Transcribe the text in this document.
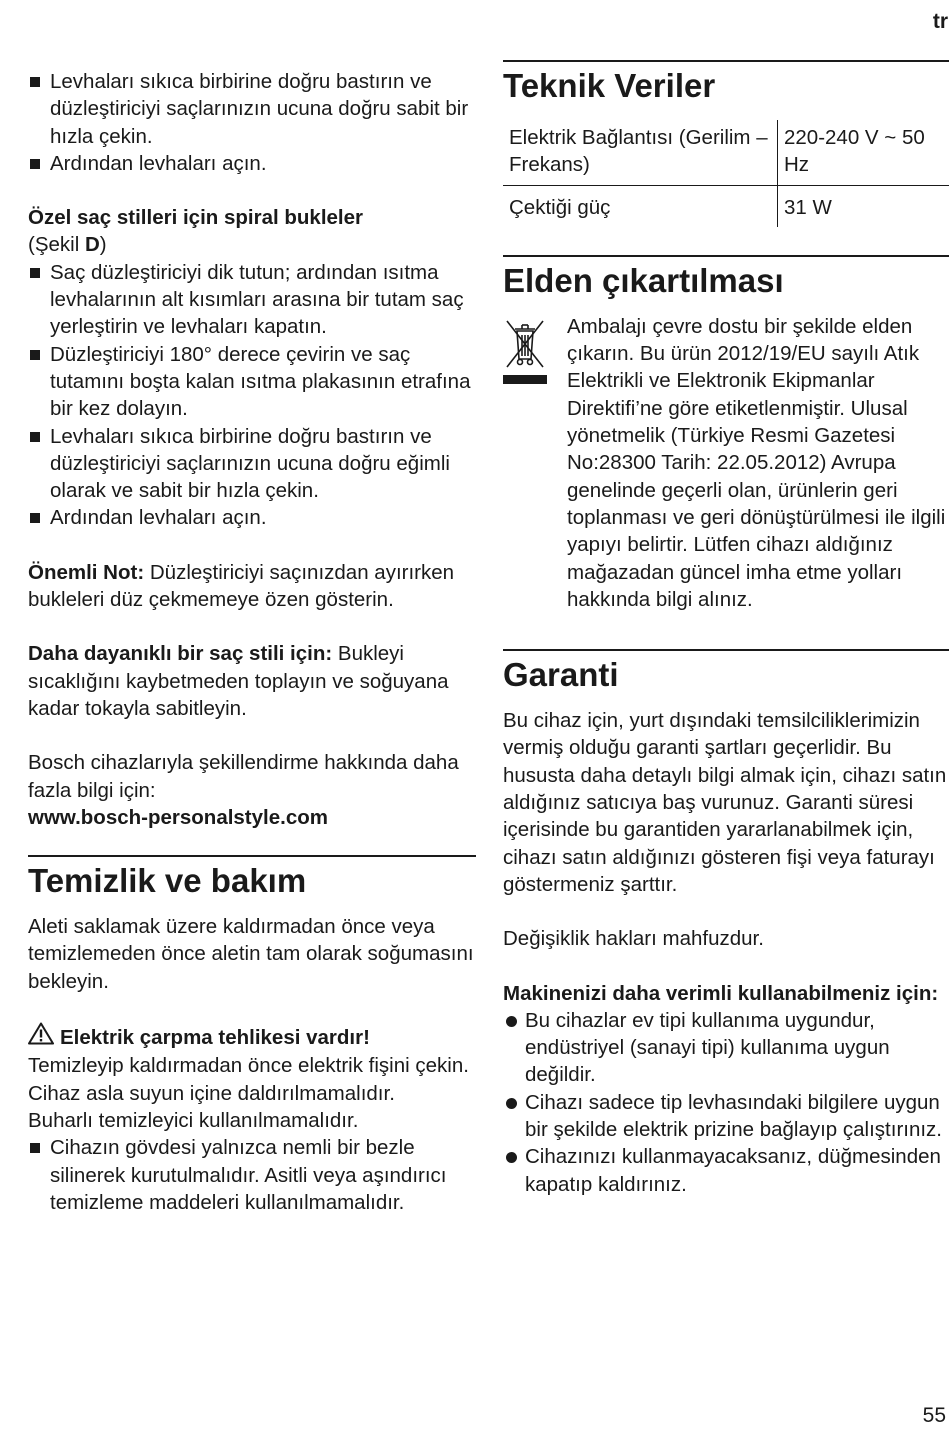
tr
Levhaları sıkıca birbirine doğru bastırın ve düzleştiriciyi saçlarınızın ucuna doğru sabit bir hızla çekin.
Ardından levhaları açın.

Özel saç stilleri için spiral bukleler

(Şekil D)

Saç düzleştiriciyi dik tutun; ardından ısıtma levhalarının alt kısımları arasına bir tutam saç yerleştirin ve levhaları kapatın.
Düzleştiriciyi 180° derece çevirin ve saç tutamını boşta kalan ısıtma plakasının etrafına bir kez dolayın.
Levhaları sıkıca birbirine doğru bastırın ve düzleştiriciyi saçlarınızın ucuna doğru eğimli olarak ve sabit bir hızla çekin.
Ardından levhaları açın.

Önemli Not: Düzleştiriciyi saçınızdan ayırırken bukleleri düz çekmemeye özen gösterin.

Daha dayanıklı bir saç stili için: Bukleyi sıcaklığını kaybetmeden toplayın ve soğuyana kadar tokayla sabitleyin.

Bosch cihazlarıyla şekillendirme hakkında daha fazla bilgi için:

www.bosch-personalstyle.com

Temizlik ve bakım

Aleti saklamak üzere kaldırmadan önce veya temizlemeden önce aletin tam olarak soğumasını bekleyin.

Elektrik çarpma tehlikesi vardır!

Temizleyip kaldırmadan önce elektrik fişini çekin.

Cihaz asla suyun içine daldırılmamalıdır.

Buharlı temizleyici kullanılmamalıdır.

Cihazın gövdesi yalnızca nemli bir bezle silinerek kurutulmalıdır. Asitli veya aşındırıcı temizleme maddeleri kullanılmamalıdır.
Teknik Veriler
Elektrik Bağlantısı (Gerilim – Frekans)	220-240 V ~ 50 Hz
Çektiği güç	31 W
Elden çıkartılması

Ambalajı çevre dostu bir şekilde elden çıkarın. Bu ürün 2012/19/EU sayılı Atık Elektrikli ve Elektronik Ekipmanlar Direktifi’ne göre etiketlenmiştir. Ulusal yönetmelik (Türkiye Resmi Gazetesi No:28300 Tarih: 22.05.2012) Avrupa genelinde geçerli olan, ürünlerin geri toplanması ve geri dönüştürülmesi ile ilgili yapıyı belirtir. Lütfen cihazı aldığınız mağazadan güncel imha etme yolları hakkında bilgi alınız.

Garanti

Bu cihaz için, yurt dışındaki temsilciliklerimizin vermiş olduğu garanti şartları geçerlidir. Bu hususta daha detaylı bilgi almak için, cihazı satın aldığınız satıcıya baş vurunuz. Garanti süresi içerisinde bu garantiden yararlanabilmek için, cihazı satın aldığınızı gösteren fişi veya faturayı göstermeniz şarttır.

Değişiklik hakları mahfuzdur.

Makinenizi daha verimli kullanabilmeniz için:

Bu cihazlar ev tipi kullanıma uygundur, endüstriyel (sanayi tipi) kullanıma uygun değildir.
Cihazı sadece tip levhasındaki bilgilere uygun bir şekilde elektrik prizine bağlayıp çalıştırınız.
Cihazınızı kullanmayacaksanız, düğmesinden kapatıp kaldırınız.
55
